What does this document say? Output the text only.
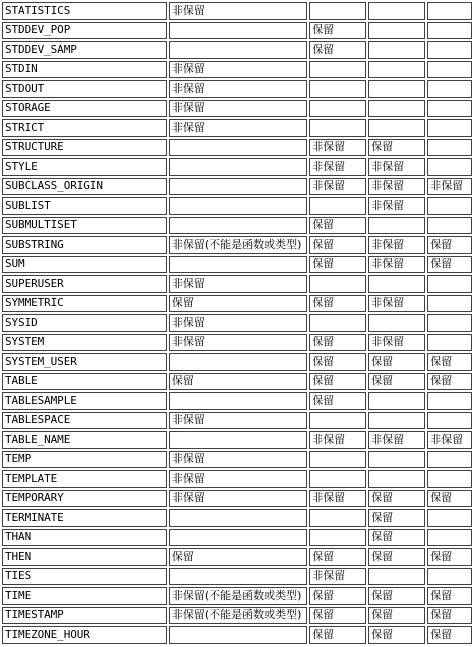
STATISTICS	非保留			
STDDEV_POP		保留		
STDDEV_SAMP		保留		
STDIN	非保留			
STDOUT	非保留			
STORAGE	非保留			
STRICT	非保留			
STRUCTURE		非保留	保留	
STYLE		非保留	非保留	
SUBCLASS_ORIGIN		非保留	非保留	非保留
SUBLIST			非保留	
SUBMULTISET		保留		
SUBSTRING	非保留(不能是函数或类型)	保留	非保留	保留
SUM		保留	非保留	保留
SUPERUSER	非保留			
SYMMETRIC	保留	保留	非保留	
SYSID	非保留			
SYSTEM	非保留	保留	非保留	
SYSTEM_USER		保留	保留	保留
TABLE	保留	保留	保留	保留
TABLESAMPLE		保留		
TABLESPACE	非保留			
TABLE_NAME		非保留	非保留	非保留
TEMP	非保留			
TEMPLATE	非保留			
TEMPORARY	非保留	非保留	保留	保留
TERMINATE			保留	
THAN			保留	
THEN	保留	保留	保留	保留
TIES		非保留		
TIME	非保留(不能是函数或类型)	保留	保留	保留
TIMESTAMP	非保留(不能是函数或类型)	保留	保留	保留
TIMEZONE_HOUR		保留	保留	保留
